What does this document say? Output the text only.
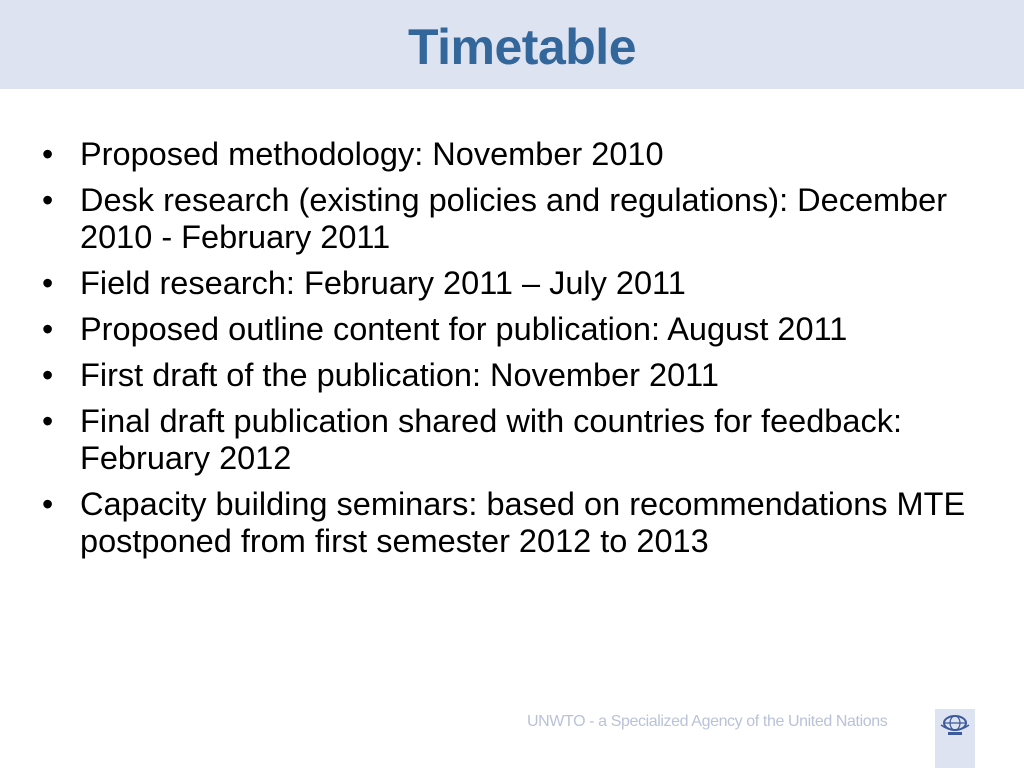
Timetable
• Proposed methodology: November 2010
• Desk research (existing policies and regulations): December 2010 - February 2011
• Field research: February 2011 – July 2011
• Proposed outline content for publication: August 2011
• First draft of the publication: November 2011
• Final draft publication shared with countries for feedback: February 2012
• Capacity building seminars: based on recommendations MTE postponed from first semester 2012 to 2013
UNWTO - a Specialized Agency of the United Nations
